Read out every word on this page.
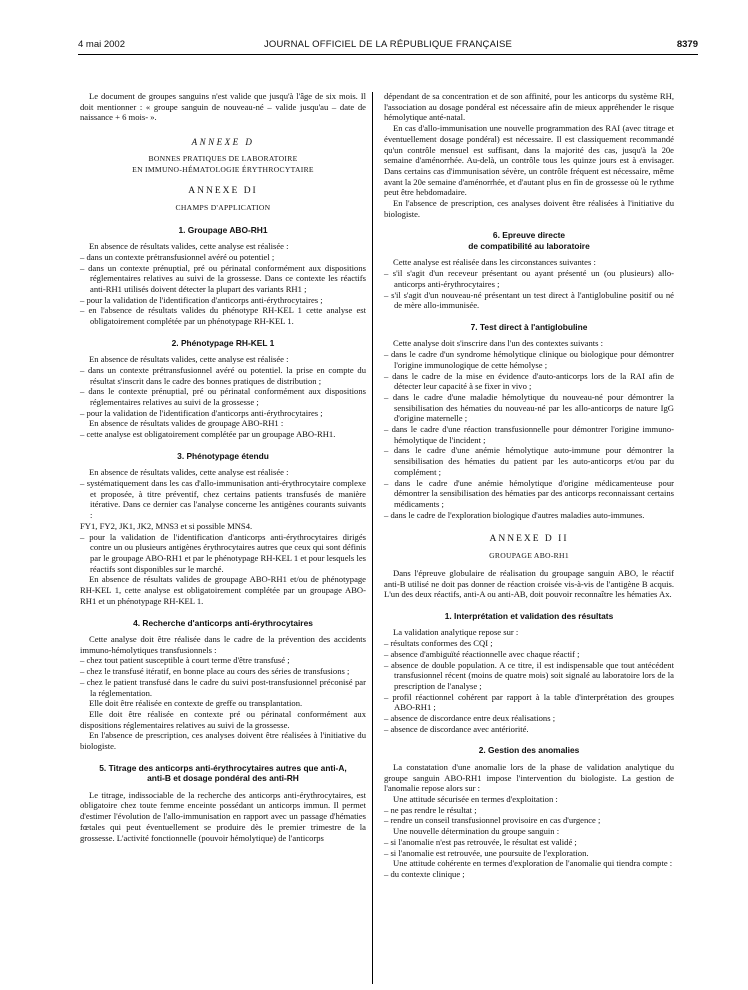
4 mai 2002	JOURNAL OFFICIEL DE LA RÉPUBLIQUE FRANÇAISE	8379

Le document de groupes sanguins n'est valide que jusqu'à l'âge de six mois. Il doit mentionner : « groupe sanguin de nouveau-né – valide jusqu'au – date de naissance + 6 mois- ».

ANNEXE D

BONNES PRATIQUES DE LABORATOIRE

EN IMMUNO-HÉMATOLOGIE ÉRYTHROCYTAIRE

ANNEXE DI

CHAMPS D'APPLICATION

1. Groupage ABO-RH1

En absence de résultats valides, cette analyse est réalisée :

– dans un contexte prétransfusionnel avéré ou potentiel ;

– dans un contexte prénuptial, pré ou périnatal conformément aux dispositions réglementaires relatives au suivi de la grossesse. Dans ce contexte les réactifs anti-RH1 utilisés doivent détecter la plupart des variants RH1 ;

– pour la validation de l'identification d'anticorps anti-érythrocytaires ;

– en l'absence de résultats valides du phénotype RH-KEL 1 cette analyse est obligatoirement complétée par un phénotypage RH-KEL 1.

2. Phénotypage RH-KEL 1

En absence de résultats valides, cette analyse est réalisée :

– dans un contexte prétransfusionnel avéré ou potentiel. la prise en compte du résultat s'inscrit dans le cadre des bonnes pratiques de distribution ;

– dans le contexte prénuptial, pré ou périnatal conformément aux dispositions réglementaires relatives au suivi de la grossesse ;

– pour la validation de l'identification d'anticorps anti-érythrocytaires ;

En absence de résultats valides de groupage ABO-RH1 :

– cette analyse est obligatoirement complétée par un groupage ABO-RH1.

3. Phénotypage étendu

En absence de résultats valides, cette analyse est réalisée :

– systématiquement dans les cas d'allo-immunisation anti-érythrocytaire complexe et proposée, à titre préventif, chez certains patients transfusés de manière itérative. Dans ce dernier cas l'analyse concerne les antigènes courants suivants :

FY1, FY2, JK1, JK2, MNS3 et si possible MNS4.

– pour la validation de l'identification d'anticorps anti-érythrocytaires dirigés contre un ou plusieurs antigènes érythrocytaires autres que ceux qui sont définis par le groupage ABO-RH1 et par le phénotypage RH-KEL 1 et pour lesquels les réactifs sont disponibles sur le marché.

En absence de résultats valides de groupage ABO-RH1 et/ou de phénotypage RH-KEL 1, cette analyse est obligatoirement complétée par un groupage ABO-RH1 et un phénotypage RH-KEL 1.

4. Recherche d'anticorps anti-érythrocytaires

Cette analyse doit être réalisée dans le cadre de la prévention des accidents immuno-hémolytiques transfusionnels :

– chez tout patient susceptible à court terme d'être transfusé ;

– chez le transfusé itératif, en bonne place au cours des séries de transfusions ;

– chez le patient transfusé dans le cadre du suivi post-transfusionnel préconisé par la réglementation.

Elle doit être réalisée en contexte de greffe ou transplantation.

Elle doit être réalisée en contexte pré ou périnatal conformément aux dispositions réglementaires relatives au suivi de la grossesse.

En l'absence de prescription, ces analyses doivent être réalisées à l'initiative du biologiste.

5. Titrage des anticorps anti-érythrocytaires autres que anti-A,

anti-B et dosage pondéral des anti-RH

Le titrage, indissociable de la recherche des anticorps anti-érythrocytaires, est obligatoire chez toute femme enceinte possédant un anticorps immun. Il permet d'estimer l'évolution de l'allo-immunisation en rapport avec un passage d'hématies fœtales qui peut éventuellement se produire dès le premier trimestre de la grossesse. L'activité fonctionnelle (pouvoir hémolytique) de l'anticorps

dépendant de sa concentration et de son affinité, pour les anticorps du système RH, l'association au dosage pondéral est nécessaire afin de mieux appréhender le risque hémolytique anté-natal.

En cas d'allo-immunisation une nouvelle programmation des RAI (avec titrage et éventuellement dosage pondéral) est nécessaire. Il est classiquement recommandé qu'un contrôle mensuel est suffisant, dans la majorité des cas, jusqu'à la 20e semaine d'aménorrhée. Au-delà, un contrôle tous les quinze jours est à envisager. Dans certains cas d'immunisation sévère, un contrôle fréquent est nécessaire, même avant la 20e semaine d'aménorrhée, et d'autant plus en fin de grossesse où le rythme peut être hebdomadaire.

En l'absence de prescription, ces analyses doivent être réalisées à l'initiative du biologiste.

6. Epreuve directe

de compatibilité au laboratoire

Cette analyse est réalisée dans les circonstances suivantes :

– s'il s'agit d'un receveur présentant ou ayant présenté un (ou plusieurs) allo-anticorps anti-érythrocytaires ;

– s'il s'agit d'un nouveau-né présentant un test direct à l'antiglobuline positif ou né de mère allo-immunisée.

7. Test direct à l'antiglobuline

Cette analyse doit s'inscrire dans l'un des contextes suivants :

– dans le cadre d'un syndrome hémolytique clinique ou biologique pour démontrer l'origine immunologique de cette hémolyse ;

– dans le cadre de la mise en évidence d'auto-anticorps lors de la RAI afin de détecter leur capacité à se fixer in vivo ;

– dans le cadre d'une maladie hémolytique du nouveau-né pour démontrer la sensibilisation des hématies du nouveau-né par les allo-anticorps de nature IgG d'origine maternelle ;

– dans le cadre d'une réaction transfusionnelle pour démontrer l'origine immuno-hémolytique de l'incident ;

– dans le cadre d'une anémie hémolytique auto-immune pour démontrer la sensibilisation des hématies du patient par les auto-anticorps et/ou par du complément ;

– dans le cadre d'une anémie hémolytique d'origine médicamenteuse pour démontrer la sensibilisation des hématies par des anticorps reconnaissant certains médicaments ;

– dans le cadre de l'exploration biologique d'autres maladies auto-immunes.

ANNEXE D II

GROUPAGE ABO-RH1

Dans l'épreuve globulaire de réalisation du groupage sanguin ABO, le réactif anti-B utilisé ne doit pas donner de réaction croisée vis-à-vis de l'antigène B acquis. L'un des deux réactifs, anti-A ou anti-AB, doit pouvoir reconnaître les hématies Ax.

1. Interprétation et validation des résultats

La validation analytique repose sur :

– résultats conformes des CQI ;

– absence d'ambiguïté réactionnelle avec chaque réactif ;

– absence de double population. A ce titre, il est indispensable que tout antécédent transfusionnel récent (moins de quatre mois) soit signalé au laboratoire lors de la prescription de l'analyse ;

– profil réactionnel cohérent par rapport à la table d'interprétation des groupes ABO-RH1 ;

– absence de discordance entre deux réalisations ;

– absence de discordance avec antériorité.

2. Gestion des anomalies

La constatation d'une anomalie lors de la phase de validation analytique du groupe sanguin ABO-RH1 impose l'intervention du biologiste. La gestion de l'anomalie repose alors sur :

Une attitude sécurisée en termes d'exploitation :

– ne pas rendre le résultat ;

– rendre un conseil transfusionnel provisoire en cas d'urgence ;

Une nouvelle détermination du groupe sanguin :

– si l'anomalie n'est pas retrouvée, le résultat est validé ;

– si l'anomalie est retrouvée, une poursuite de l'exploration.

Une attitude cohérente en termes d'exploration de l'anomalie qui tiendra compte :

– du contexte clinique ;
